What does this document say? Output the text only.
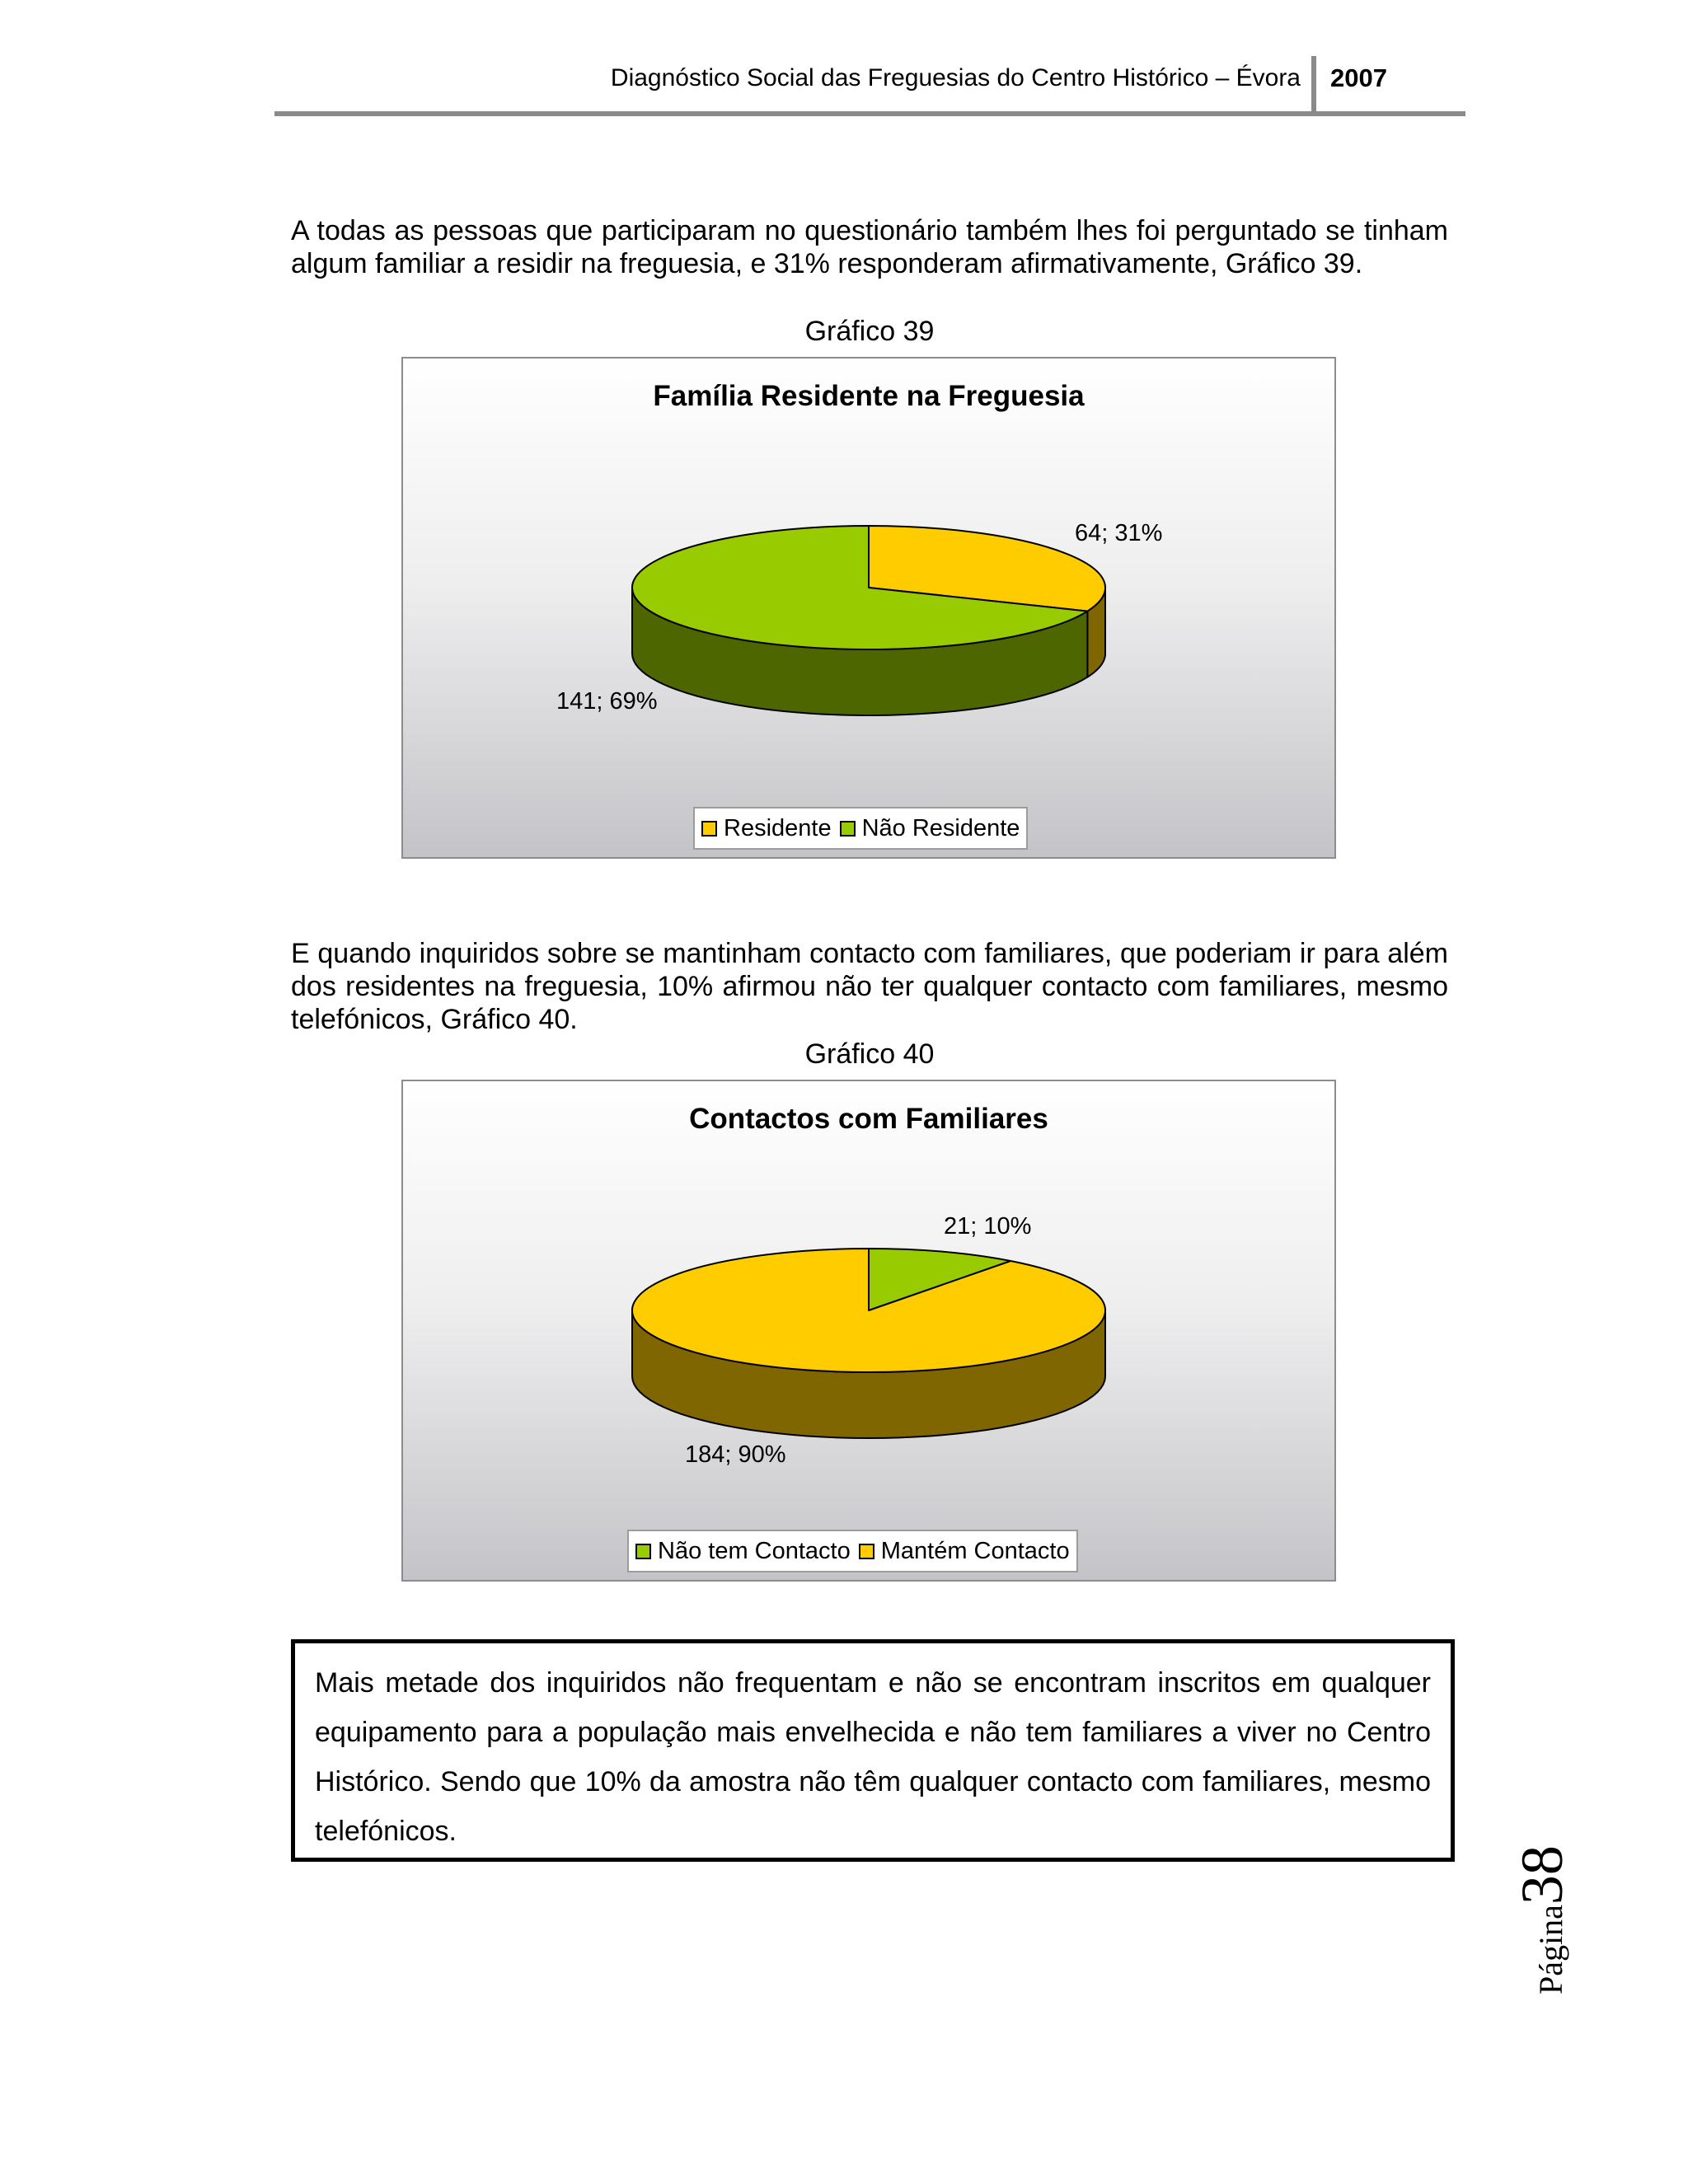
Diagnóstico Social das Freguesias do Centro Histórico – Évora 2007

A todas as pessoas que participaram no questionário também lhes foi perguntado se tinham algum familiar a residir na freguesia, e 31% responderam afirmativamente, Gráfico 39.

Gráfico 39
Família Residente na Freguesia
64; 31%
141; 69%
Residente Não Residente

E quando inquiridos sobre se mantinham contacto com familiares, que poderiam ir para além dos residentes na freguesia, 10% afirmou não ter qualquer contacto com familiares, mesmo telefónicos, Gráfico 40.

Gráfico 40
Contactos com Familiares
21; 10%
184; 90%
Não tem Contacto Mantém Contacto
Mais metade dos inquiridos não frequentam e não se encontram inscritos em qualquer equipamento para a população mais envelhecida e não tem familiares a viver no Centro Histórico. Sendo que 10% da amostra não têm qualquer contacto com familiares, mesmo telefónicos.
Página38
